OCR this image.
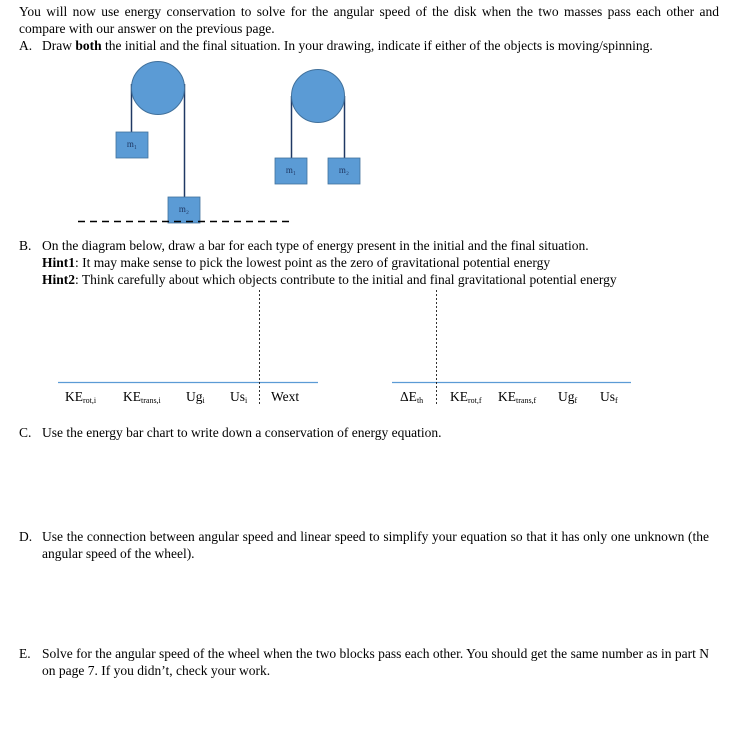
You will now use energy conservation to solve for the angular speed of the disk when the two masses pass each other and compare with our answer on the previous page.
A. Draw both the initial and the final situation. In your drawing, indicate if either of the objects is moving/spinning.
m₁
m₂
m₁	m₂
B. On the diagram below, draw a bar for each type of energy present in the initial and the final situation.
Hint1: It may make sense to pick the lowest point as the zero of gravitational potential energy
Hint2: Think carefully about which objects contribute to the initial and final gravitational potential energy
$KE_{rot,i}$ $KE_{trans,i}$ $Ug_i$ $Us_i$ Wext	$\Delta E_{th}$ $KE_{rot,f}$ $KE_{trans,f}$ $Ug_f$ $Us_f$
C. Use the energy bar chart to write down a conservation of energy equation.
D. Use the connection between angular speed and linear speed to simplify your equation so that it has only one unknown (the angular speed of the wheel).
E. Solve for the angular speed of the wheel when the two blocks pass each other. You should get the same number as in part N on page 7. If you didn’t, check your work.
